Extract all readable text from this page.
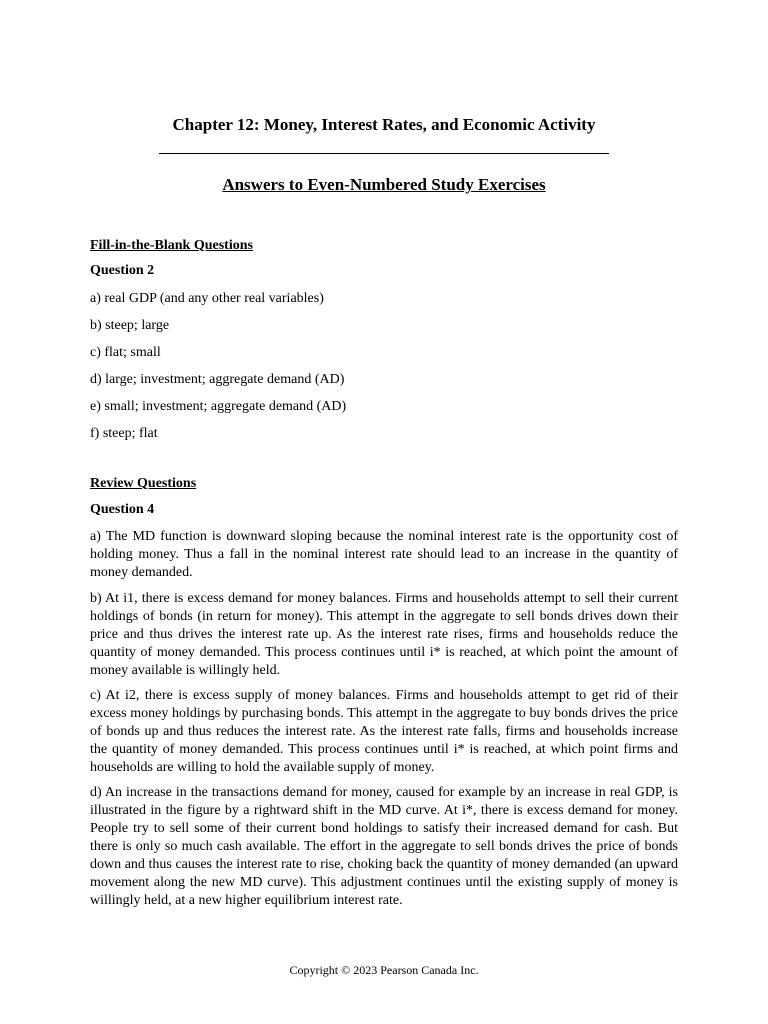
Chapter 12: Money, Interest Rates, and Economic Activity
Answers to Even-Numbered Study Exercises
Fill-in-the-Blank Questions
Question 2
a) real GDP (and any other real variables)
b) steep; large
c) flat; small
d) large; investment; aggregate demand (AD)
e) small; investment; aggregate demand (AD)
f) steep; flat
Review Questions
Question 4

a) The MD function is downward sloping because the nominal interest rate is the opportunity cost of holding money. Thus a fall in the nominal interest rate should lead to an increase in the quantity of money demanded.

b) At i1, there is excess demand for money balances. Firms and households attempt to sell their current holdings of bonds (in return for money). This attempt in the aggregate to sell bonds drives down their price and thus drives the interest rate up. As the interest rate rises, firms and households reduce the quantity of money demanded. This process continues until i* is reached, at which point the amount of money available is willingly held.

c) At i2, there is excess supply of money balances. Firms and households attempt to get rid of their excess money holdings by purchasing bonds. This attempt in the aggregate to buy bonds drives the price of bonds up and thus reduces the interest rate. As the interest rate falls, firms and households increase the quantity of money demanded. This process continues until i* is reached, at which point firms and households are willing to hold the available supply of money.

d) An increase in the transactions demand for money, caused for example by an increase in real GDP, is illustrated in the figure by a rightward shift in the MD curve. At i*, there is excess demand for money. People try to sell some of their current bond holdings to satisfy their increased demand for cash. But there is only so much cash available. The effort in the aggregate to sell bonds drives the price of bonds down and thus causes the interest rate to rise, choking back the quantity of money demanded (an upward movement along the new MD curve). This adjustment continues until the existing supply of money is willingly held, at a new higher equilibrium interest rate.

Copyright © 2023 Pearson Canada Inc.
